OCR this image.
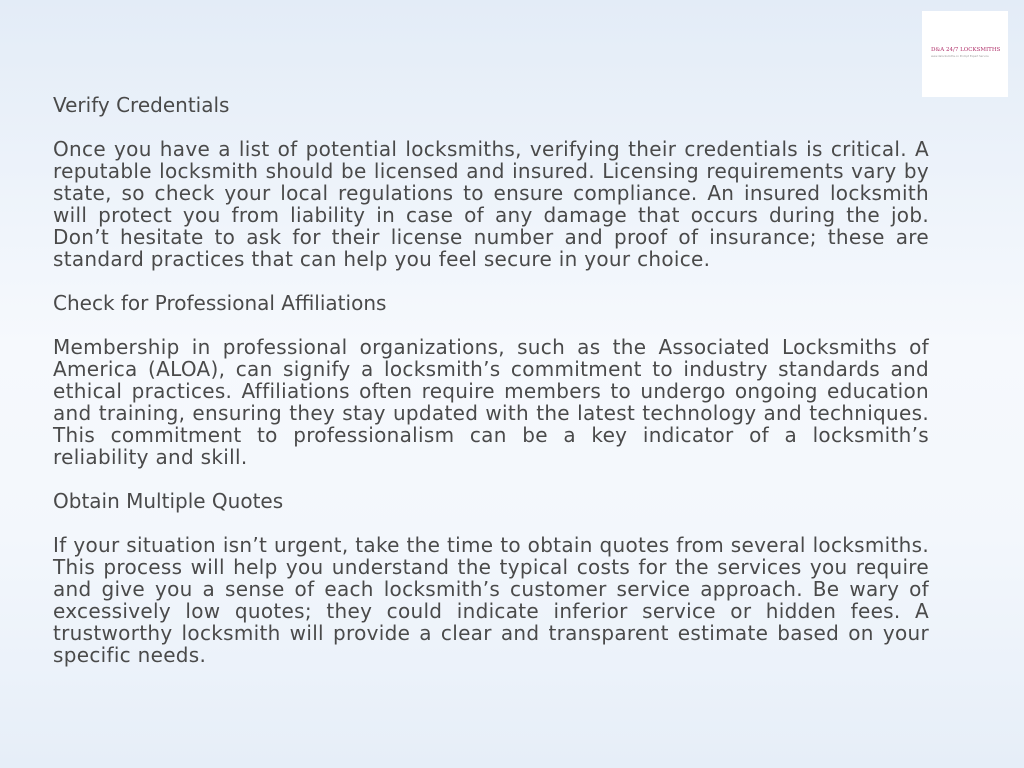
D&A 24/7 LOCKSMITHS
www.dalocksmiths.co Prompt Expert Service
Verify Credentials
Once you have a list of potential locksmiths, verifying their credentials is critical. A reputable locksmith should be licensed and insured. Licensing requirements vary by state, so check your local regulations to ensure compliance. An insured locksmith will protect you from liability in case of any damage that occurs during the job. Don’t hesitate to ask for their license number and proof of insurance; these are standard practices that can help you feel secure in your choice.
Check for Professional Affiliations
Membership in professional organizations, such as the Associated Locksmiths of America (ALOA), can signify a locksmith’s commitment to industry standards and ethical practices. Affiliations often require members to undergo ongoing education and training, ensuring they stay updated with the latest technology and techniques. This commitment to professionalism can be a key indicator of a locksmith’s reliability and skill.
Obtain Multiple Quotes
If your situation isn’t urgent, take the time to obtain quotes from several locksmiths. This process will help you understand the typical costs for the services you require and give you a sense of each locksmith’s customer service approach. Be wary of excessively low quotes; they could indicate inferior service or hidden fees. A trustworthy locksmith will provide a clear and transparent estimate based on your specific needs.
